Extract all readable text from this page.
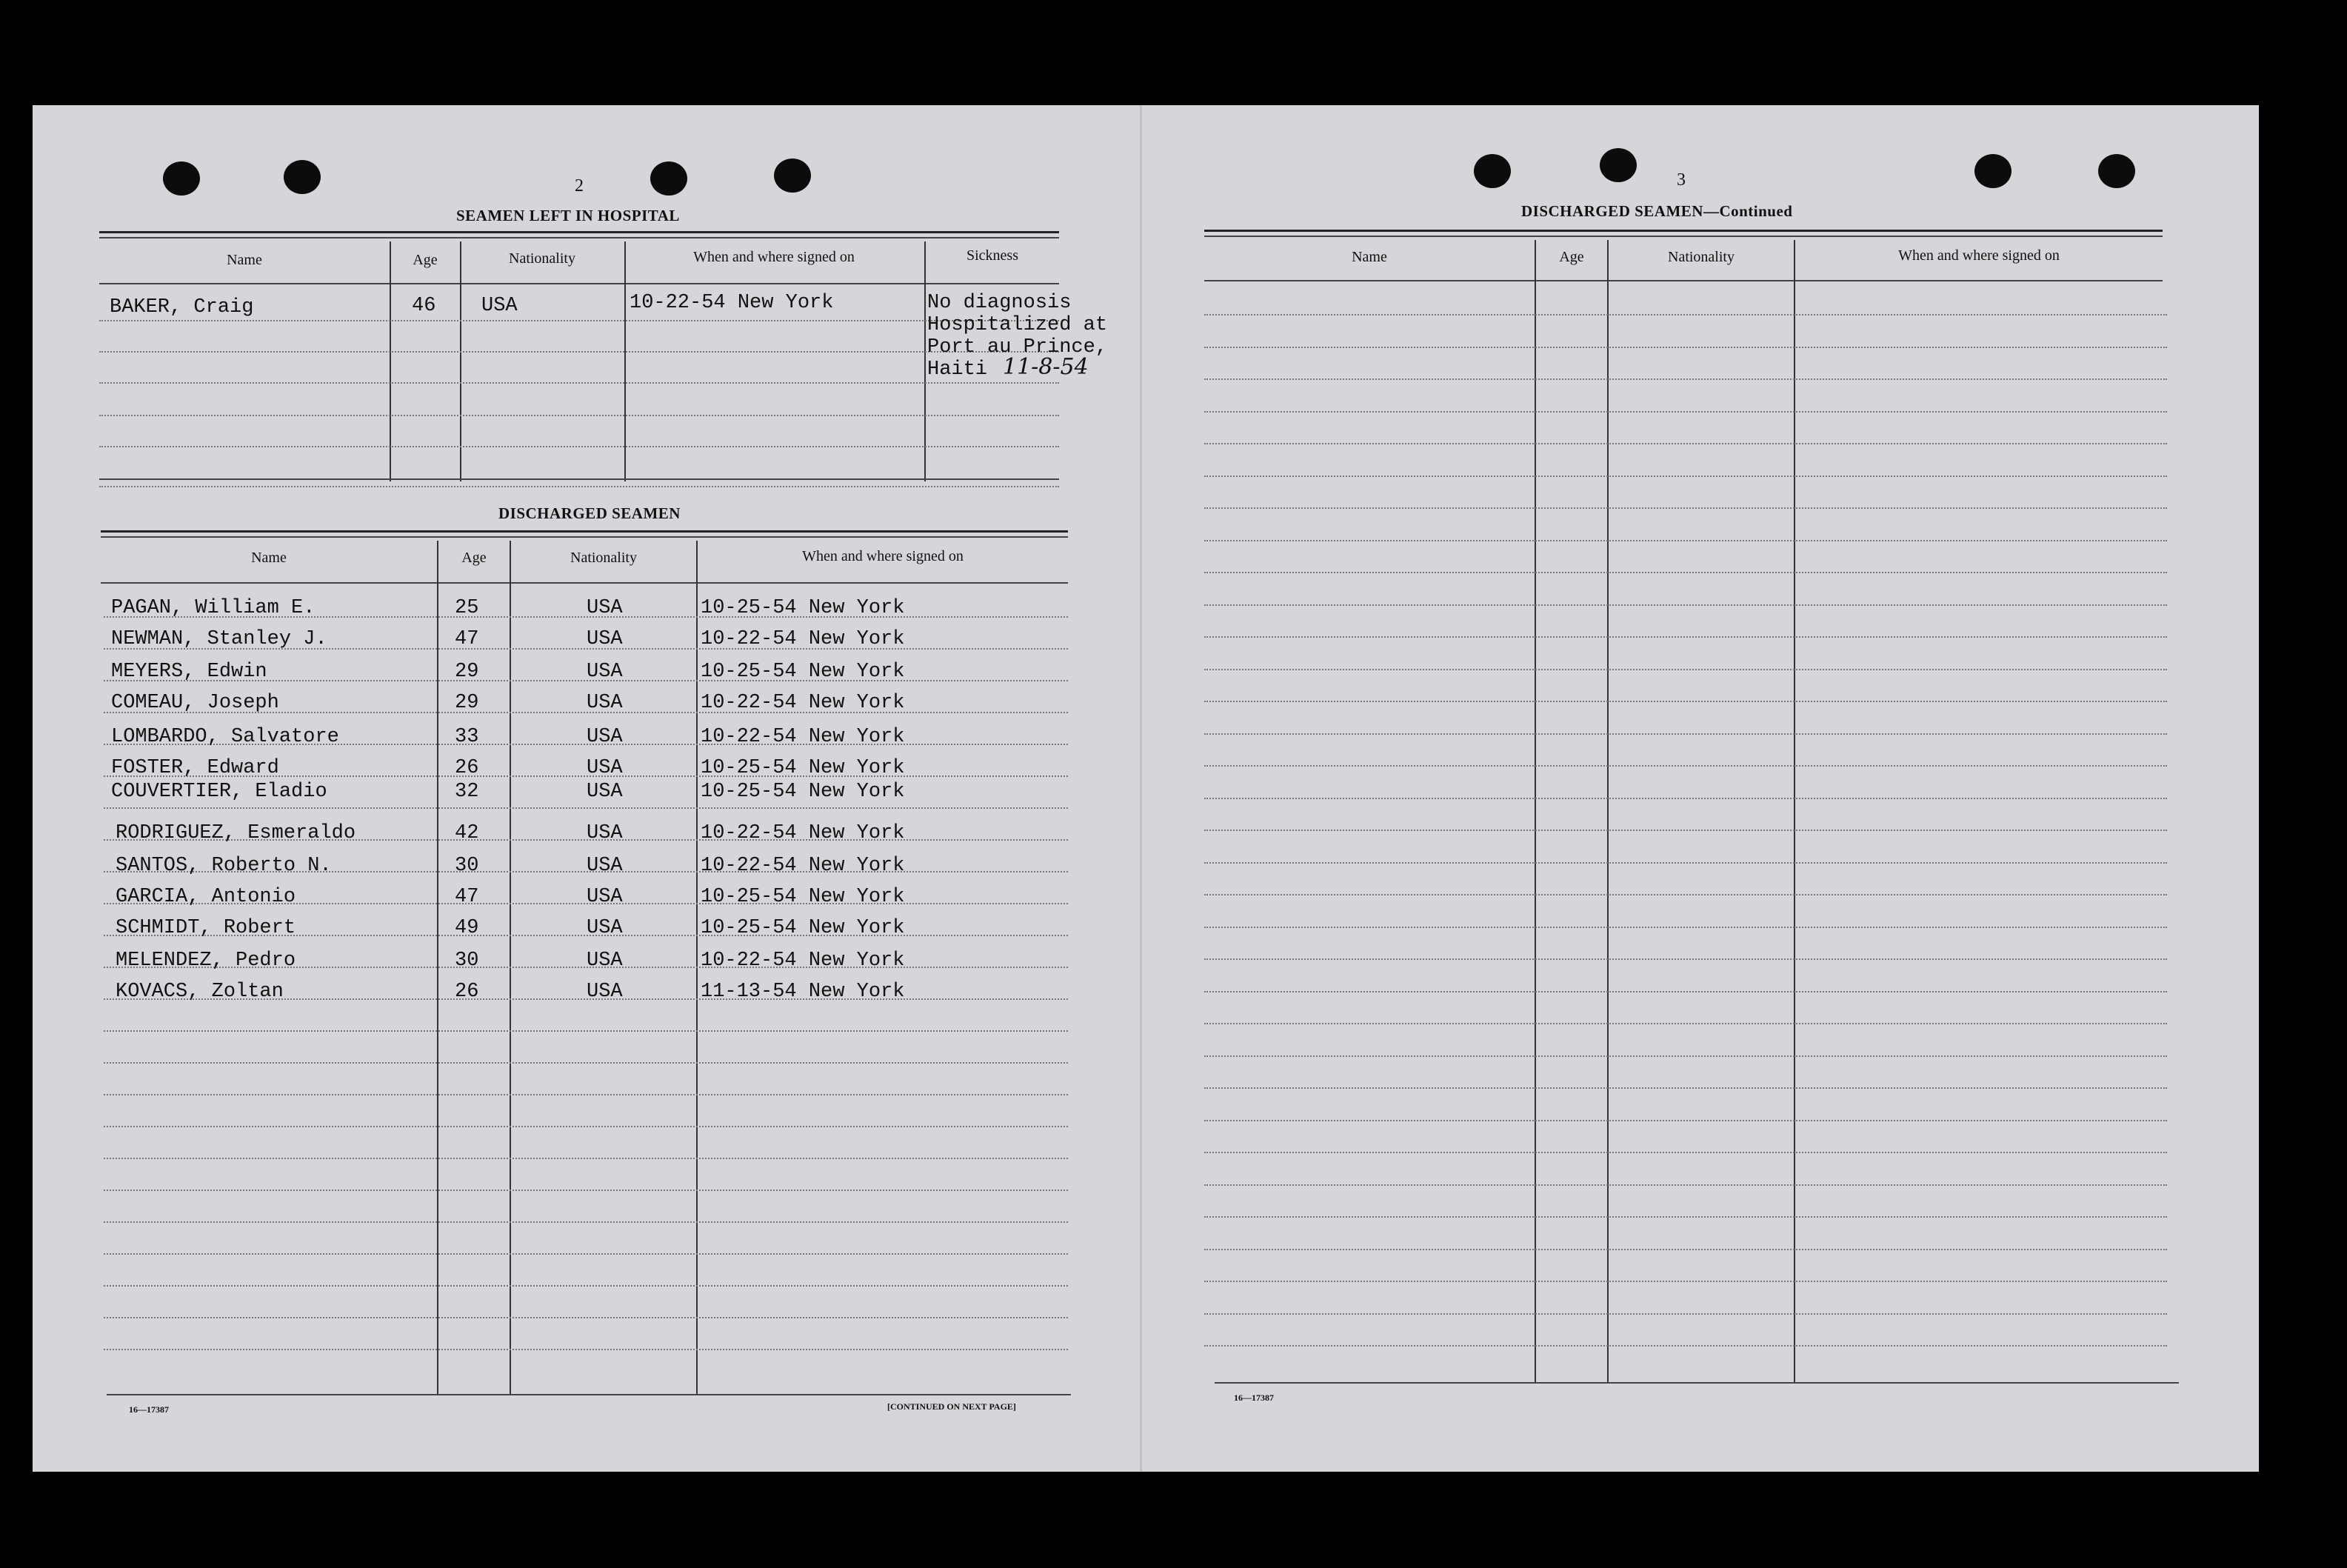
2
SEAMEN LEFT IN HOSPITAL
Name	Age	Nationality	When and where signed on	Sickness
BAKER, Craig	46 USA	10-22-54 New York	No diagnosis
Hospitalized at
Port au Prince,
Haiti 11-8-54
DISCHARGED SEAMEN
Name	Age	Nationality	When and where signed on
PAGAN, William E.	25	USA	10-25-54 New York
NEWMAN, Stanley J.	47	USA	10-22-54 New York
MEYERS, Edwin	29	USA	10-25-54 New York
COMEAU, Joseph	29	USA	10-22-54 New York
LOMBARDO, Salvatore	33	USA	10-22-54 New York
FOSTER, Edward	26	USA	10-25-54 New York
COUVERTIER, Eladio	32	USA	10-25-54 New York
RODRIGUEZ, Esmeraldo	42	USA	10-22-54 New York
SANTOS, Roberto N.	30	USA	10-22-54 New York
GARCIA, Antonio	47	USA	10-25-54 New York
SCHMIDT, Robert	49	USA	10-25-54 New York
MELENDEZ, Pedro	30	USA	10-22-54 New York
KOVACS, Zoltan	26	USA	11-13-54 New York
16—17387	[CONTINUED ON NEXT PAGE]
3
DISCHARGED SEAMEN—Continued
Name	Age	Nationality	When and where signed on
16—17387
